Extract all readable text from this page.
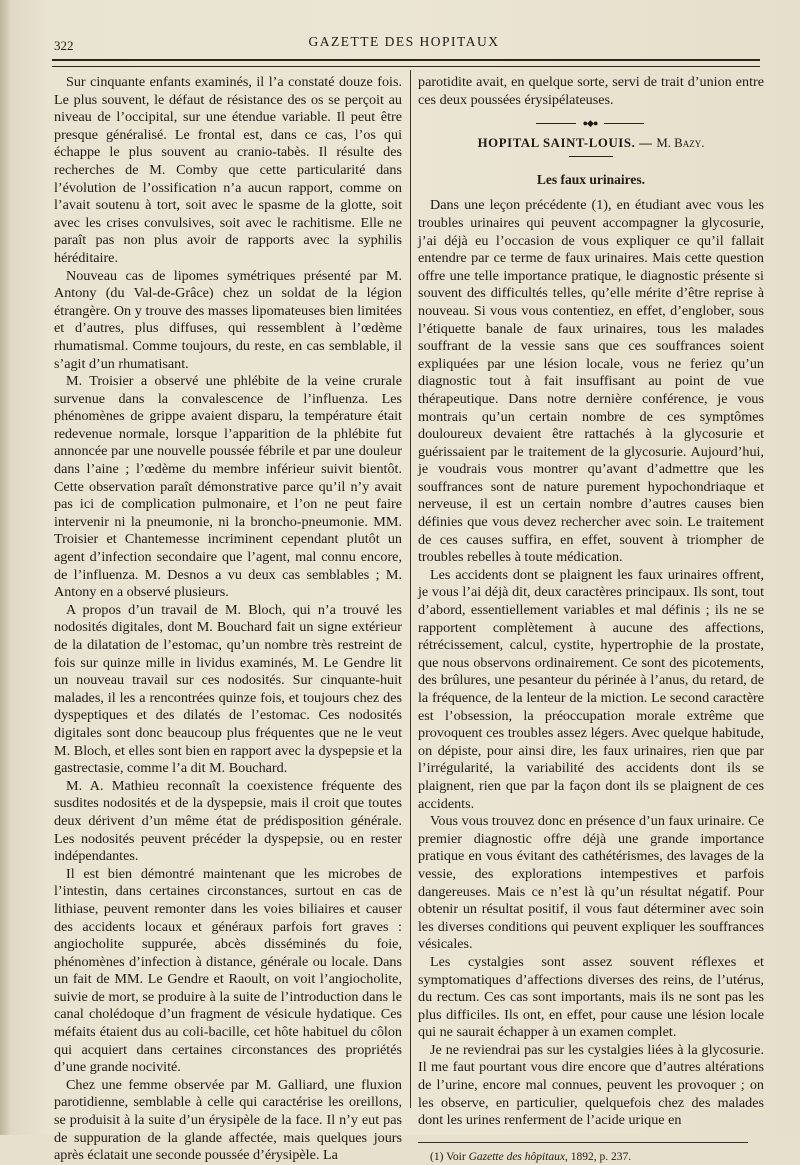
322	GAZETTE DES HOPITAUX

Sur cinquante enfants examinés, il l’a constaté douze fois. Le plus souvent, le défaut de résistance des os se perçoit au niveau de l’occipital, sur une étendue variable. Il peut être presque généralisé. Le frontal est, dans ce cas, l’os qui échappe le plus souvent au cranio-tabès. Il résulte des recherches de M. Comby que cette particularité dans l’évolution de l’ossification n’a aucun rapport, comme on l’avait soutenu à tort, soit avec le spasme de la glotte, soit avec les crises convulsives, soit avec le rachitisme. Elle ne paraît pas non plus avoir de rapports avec la syphilis héréditaire.

Nouveau cas de lipomes symétriques présenté par M. Antony (du Val-de-Grâce) chez un soldat de la légion étrangère. On y trouve des masses lipomateuses bien limitées et d’autres, plus diffuses, qui ressemblent à l’œdème rhumatismal. Comme toujours, du reste, en cas semblable, il s’agit d’un rhumatisant.

M. Troisier a observé une phlébite de la veine crurale survenue dans la convalescence de l’influenza. Les phénomènes de grippe avaient disparu, la température était redevenue normale, lorsque l’apparition de la phlébite fut annoncée par une nouvelle poussée fébrile et par une douleur dans l’aine ; l’œdème du membre inférieur suivit bientôt. Cette observation paraît démonstrative parce qu’il n’y avait pas ici de complication pulmonaire, et l’on ne peut faire intervenir ni la pneumonie, ni la broncho-pneumonie. MM. Troisier et Chantemesse incriminent cependant plutôt un agent d’infection secondaire que l’agent, mal connu encore, de l’influenza. M. Desnos a vu deux cas semblables ; M. Antony en a observé plusieurs.

A propos d’un travail de M. Bloch, qui n’a trouvé les nodosités digitales, dont M. Bouchard fait un signe extérieur de la dilatation de l’estomac, qu’un nombre très restreint de fois sur quinze mille in lividus examinés, M. Le Gendre lit un nouveau travail sur ces nodosités. Sur cinquante-huit malades, il les a rencontrées quinze fois, et toujours chez des dyspeptiques et des dilatés de l’estomac. Ces nodosités digitales sont donc beaucoup plus fréquentes que ne le veut M. Bloch, et elles sont bien en rapport avec la dyspepsie et la gastrectasie, comme l’a dit M. Bouchard.

M. A. Mathieu reconnaît la coexistence fréquente des susdites nodosités et de la dyspepsie, mais il croit que toutes deux dérivent d’un même état de prédisposition générale. Les nodosités peuvent précéder la dyspepsie, ou en rester indépendantes.

Il est bien démontré maintenant que les microbes de l’intestin, dans certaines circonstances, surtout en cas de lithiase, peuvent remonter dans les voies biliaires et causer des accidents locaux et généraux parfois fort graves : angiocholite suppurée, abcès disséminés du foie, phénomènes d’infection à distance, générale ou locale. Dans un fait de MM. Le Gendre et Raoult, on voit l’angiocholite, suivie de mort, se produire à la suite de l’introduction dans le canal cholédoque d’un fragment de vésicule hydatique. Ces méfaits étaient dus au coli-bacille, cet hôte habituel du côlon qui acquiert dans certaines circonstances des propriétés d’une grande nocivité.

Chez une femme observée par M. Galliard, une fluxion parotidienne, semblable à celle qui caractérise les oreillons, se produisit à la suite d’un érysipèle de la face. Il n’y eut pas de suppuration de la glande affectée, mais quelques jours après éclatait une seconde poussée d’érysipèle. La

parotidite avait, en quelque sorte, servi de trait d’union entre ces deux poussées érysipélateuses.

●◆●
HOPITAL SAINT-LOUIS. — M. Bazy.
Les faux urinaires.

Dans une leçon précédente (1), en étudiant avec vous les troubles urinaires qui peuvent accompagner la glycosurie, j’ai déjà eu l’occasion de vous expliquer ce qu’il fallait entendre par ce terme de faux urinaires. Mais cette question offre une telle importance pratique, le diagnostic présente si souvent des difficultés telles, qu’elle mérite d’être reprise à nouveau. Si vous vous contentiez, en effet, d’englober, sous l’étiquette banale de faux urinaires, tous les malades souffrant de la vessie sans que ces souffrances soient expliquées par une lésion locale, vous ne feriez qu’un diagnostic tout à fait insuffisant au point de vue thérapeutique. Dans notre dernière conférence, je vous montrais qu’un certain nombre de ces symptômes douloureux devaient être rattachés à la glycosurie et guérissaient par le traitement de la glycosurie. Aujourd’hui, je voudrais vous montrer qu’avant d’admettre que les souffrances sont de nature purement hypochondriaque et nerveuse, il est un certain nombre d’autres causes bien définies que vous devez rechercher avec soin. Le traitement de ces causes suffira, en effet, souvent à triompher de troubles rebelles à toute médication.

Les accidents dont se plaignent les faux urinaires offrent, je vous l’ai déjà dit, deux caractères principaux. Ils sont, tout d’abord, essentiellement variables et mal définis ; ils ne se rapportent complètement à aucune des affections, rétrécissement, calcul, cystite, hypertrophie de la prostate, que nous observons ordinairement. Ce sont des picotements, des brûlures, une pesanteur du périnée à l’anus, du retard, de la fréquence, de la lenteur de la miction. Le second caractère est l’obsession, la préoccupation morale extrême que provoquent ces troubles assez légers. Avec quelque habitude, on dépiste, pour ainsi dire, les faux urinaires, rien que par l’irrégularité, la variabilité des accidents dont ils se plaignent, rien que par la façon dont ils se plaignent de ces accidents.

Vous vous trouvez donc en présence d’un faux urinaire. Ce premier diagnostic offre déjà une grande importance pratique en vous évitant des cathétérismes, des lavages de la vessie, des explorations intempestives et parfois dangereuses. Mais ce n’est là qu’un résultat négatif. Pour obtenir un résultat positif, il vous faut déterminer avec soin les diverses conditions qui peuvent expliquer les souffrances vésicales.

Les cystalgies sont assez souvent réflexes et symptomatiques d’affections diverses des reins, de l’utérus, du rectum. Ces cas sont importants, mais ils ne sont pas les plus difficiles. Ils ont, en effet, pour cause une lésion locale qui ne saurait échapper à un examen complet.

Je ne reviendrai pas sur les cystalgies liées à la glycosurie. Il me faut pourtant vous dire encore que d’autres altérations de l’urine, encore mal connues, peuvent les provoquer ; on les observe, en particulier, quelquefois chez des malades dont les urines renferment de l’acide urique en

(1) Voir Gazette des hôpitaux, 1892, p. 237.
